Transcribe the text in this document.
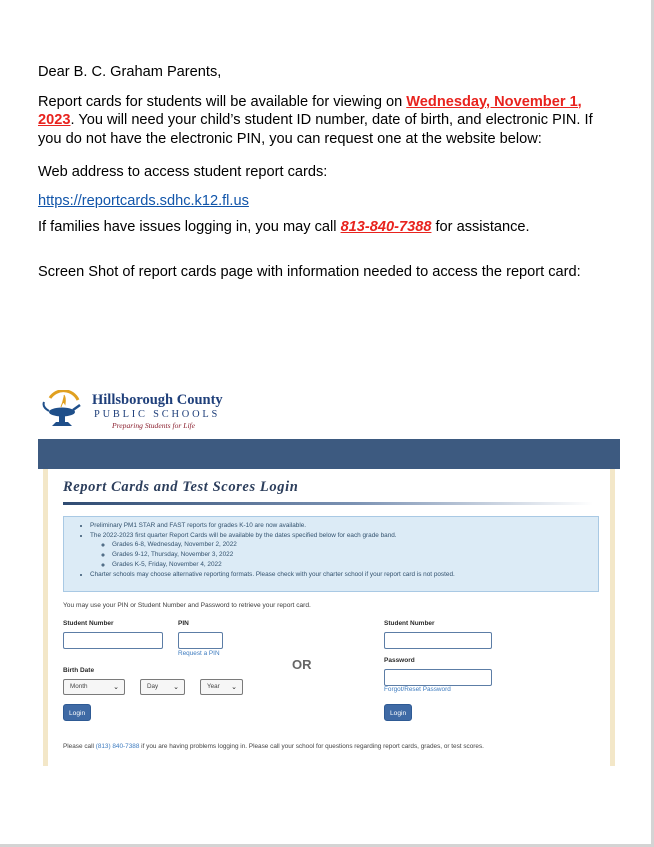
Dear B. C. Graham Parents,

Report cards for students will be available for viewing on Wednesday, November 1, 2023. You will need your child’s student ID number, date of birth, and electronic PIN. If you do not have the electronic PIN, you can request one at the website below:

Web address to access student report cards:

https://reportcards.sdhc.k12.fl.us

If families have issues logging in, you may call 813-840-7388 for assistance.

Screen Shot of report cards page with information needed to access the report card:

Hillsborough County
PUBLIC SCHOOLS
Preparing Students for Life
Report Cards and Test Scores Login
• Preliminary PM1 STAR and FAST reports for grades K-10 are now available.
• The 2022-2023 first quarter Report Cards will be available by the dates specified below for each grade band.
◦ Grades 6-8, Wednesday, November 2, 2022
◦ Grades 9-12, Thursday, November 3, 2022
◦ Grades K-5, Friday, November 4, 2022
• Charter schools may choose alternative reporting formats. Please check with your charter school if your report card is not posted.
You may use your PIN or Student Number and Password to retrieve your report card.
Student Number	PIN
Request a PIN
Birth Date
Month	⌄	Day ⌄	Year ⌄
Login
OR
Student Number
Password
Forgot/Reset Password
Login
Please call (813) 840-7388 if you are having problems logging in. Please call your school for questions regarding report cards, grades, or test scores.
